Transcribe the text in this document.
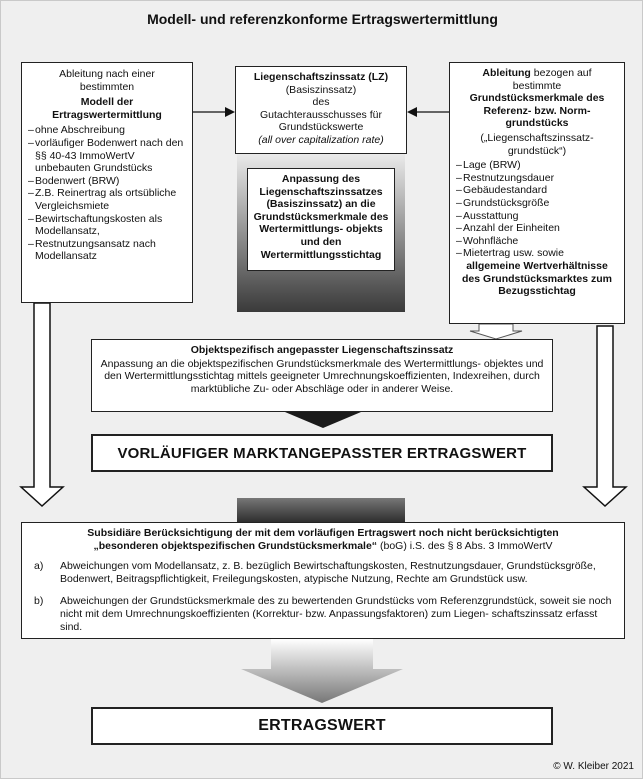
Modell- und referenzkonforme Ertragswertermittlung
Ableitung nach einer bestimmten
Modell der Ertragswertermittlung
– ohne Abschreibung
– vorläufiger Bodenwert nach den §§ 40-43 ImmoWertV unbebauten Grundstücks
– Bodenwert (BRW)
– Z.B. Reinertrag als ortsübliche Vergleichsmiete
– Bewirtschaftungskosten als Modellansatz,
– Restnutzungsansatz nach Modellansatz
Liegenschaftszinssatz (LZ)
(Basiszinssatz)
des
Gutachterausschusses für Grundstückswerte
(all over capitalization rate)
Anpassung des Liegenschaftszinssatzes (Basiszinssatz) an die Grundstücksmerkmale des Wertermittlungs- objekts und den Wertermittlungsstichtag
Ableitung bezogen auf bestimmte
Grundstücksmerkmale des Referenz- bzw. Norm- grundstücks
(„Liegenschaftszinssatz- grundstück“)
– Lage (BRW)
– Restnutzungsdauer
– Gebäudestandard
– Grundstücksgröße
– Ausstattung
– Anzahl der Einheiten
– Wohnfläche
– Mietertrag usw. sowie
allgemeine Wertverhältnisse des Grundstücksmarktes zum Bezugsstichtag
Objektspezifisch angepasster Liegenschaftszinssatz
Anpassung an die objektspezifischen Grundstücksmerkmale des Wertermittlungs- objektes und den Wertermittlungsstichtag mittels geeigneter Umrechnungskoeffizienten, Indexreihen, durch marktübliche Zu- oder Abschläge oder in anderer Weise.
VORLÄUFIGER MARKTANGEPASSTER ERTRAGSWERT
Subsidiäre Berücksichtigung der mit dem vorläufigen Ertragswert noch nicht berücksichtigten
„besonderen objektspezifischen Grundstücksmerkmale“ (boG) i.S. des § 8 Abs. 3 ImmoWertV
a)	Abweichungen vom Modellansatz, z. B. bezüglich Bewirtschaftungskosten, Restnutzungsdauer, Grundstücksgröße, Bodenwert, Beitragspflichtigkeit, Freilegungskosten, atypische Nutzung, Rechte am Grundstück usw.
b)	Abweichungen der Grundstücksmerkmale des zu bewertenden Grundstücks vom Referenzgrundstück, soweit sie noch nicht mit dem Umrechnungskoeffizienten (Korrektur- bzw. Anpassungsfaktoren) zum Liegen- schaftszinssatz erfasst sind.
ERTRAGSWERT
© W. Kleiber 2021
